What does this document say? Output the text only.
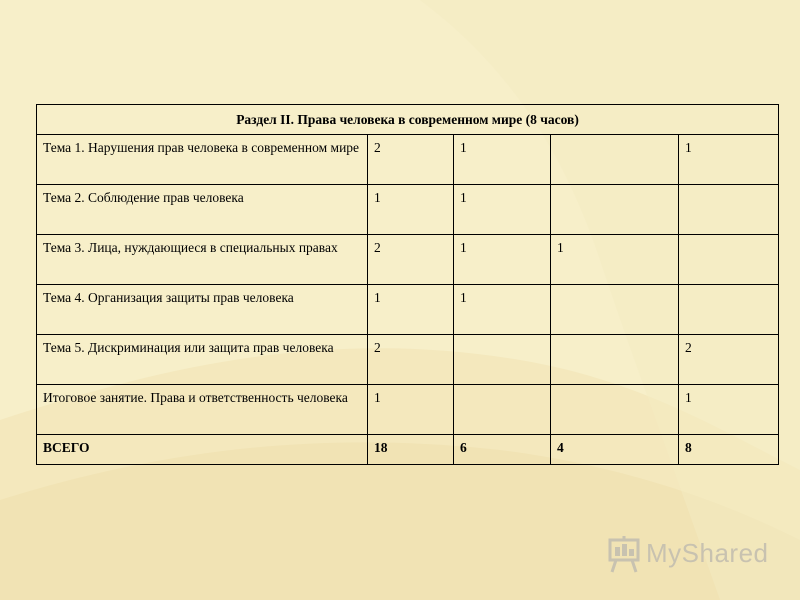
Раздел II. Права человека в современном мире (8 часов)				
Тема 1. Нарушения прав человека в современном мире	2	1		1
Тема 2. Соблюдение прав человека	1	1		
Тема 3. Лица, нуждающиеся в специальных правах	2	1	1	
Тема 4. Организация защиты прав человека	1	1		
Тема 5. Дискриминация или защита прав человека	2			2
Итоговое занятие. Права и ответственность человека	1			1
ВСЕГО	18	6	4	8
MyShared
